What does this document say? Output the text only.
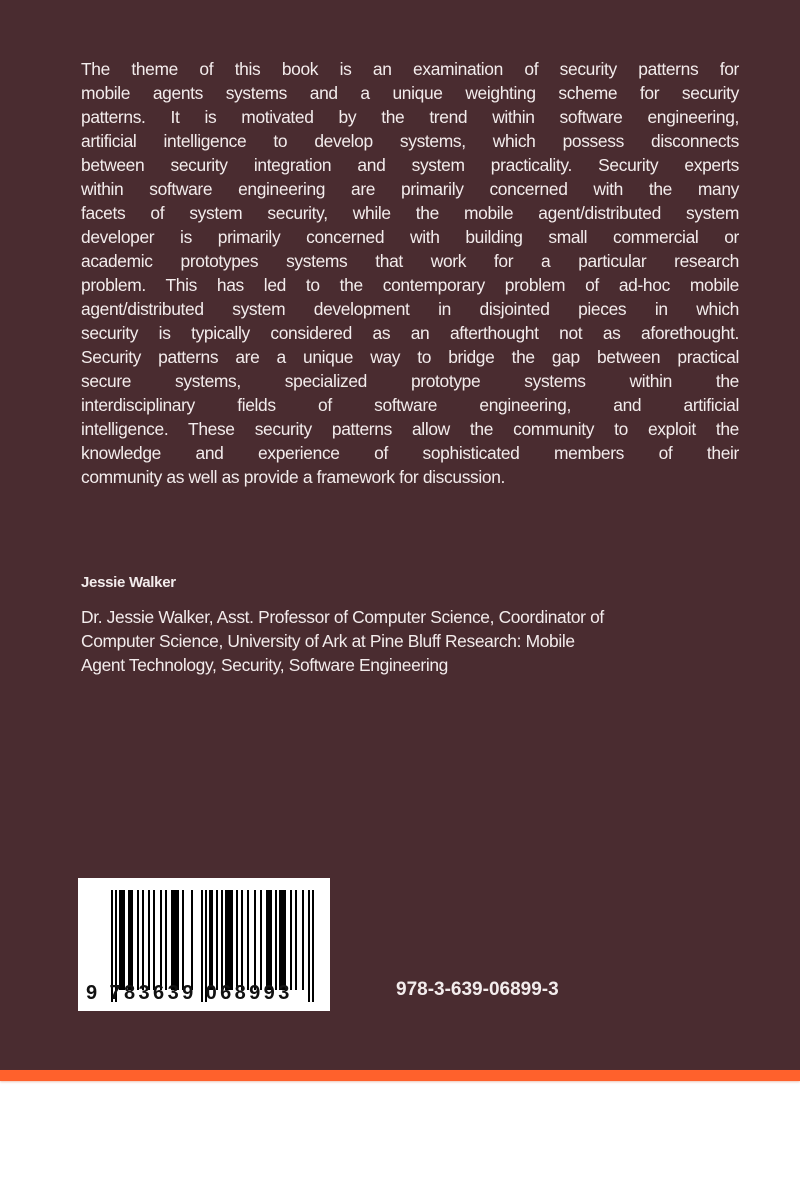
The theme of this book is an examination of security patterns for
mobile agents systems and a unique weighting scheme for security
patterns. It is motivated by the trend within software engineering,
artificial intelligence to develop systems, which possess disconnects
between security integration and system practicality. Security experts
within software engineering are primarily concerned with the many
facets of system security, while the mobile agent/distributed system
developer is primarily concerned with building small commercial or
academic prototypes systems that work for a particular research
problem. This has led to the contemporary problem of ad-hoc mobile
agent/distributed system development in disjointed pieces in which
security is typically considered as an afterthought not as aforethought.
Security patterns are a unique way to bridge the gap between practical
secure systems, specialized prototype systems within the
interdisciplinary fields of software engineering, and artificial
intelligence. These security patterns allow the community to exploit the
knowledge and experience of sophisticated members of their
community as well as provide a framework for discussion.
Jessie Walker
Dr. Jessie Walker, Asst. Professor of Computer Science, Coordinator of
Computer Science, University of Ark at Pine Bluff Research: Mobile
Agent Technology, Security, Software Engineering
9 783639 068993	978-3-639-06899-3
